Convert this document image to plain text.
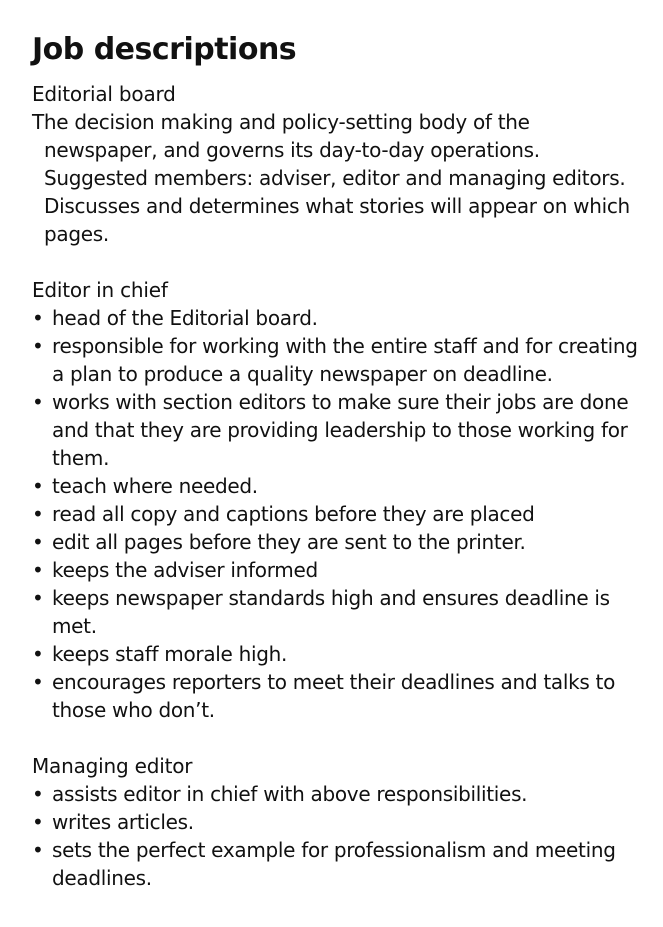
Job descriptions

Editorial board

The decision making and policy-setting body of the newspaper, and governs its day-to-day operations. Suggested members: adviser, editor and managing editors. Discusses and determines what stories will appear on which pages.

Editor in chief

• head of the Editorial board.
• responsible for working with the entire staff and for creating a plan to produce a quality newspaper on deadline.
• works with section editors to make sure their jobs are done and that they are providing leadership to those working for them.
• teach where needed.
• read all copy and captions before they are placed
• edit all pages before they are sent to the printer.
• keeps the adviser informed
• keeps newspaper standards high and ensures deadline is met.
• keeps staff morale high.
• encourages reporters to meet their deadlines and talks to those who don’t.

Managing editor

• assists editor in chief with above responsibilities.
• writes articles.
• sets the perfect example for professionalism and meeting deadlines.
